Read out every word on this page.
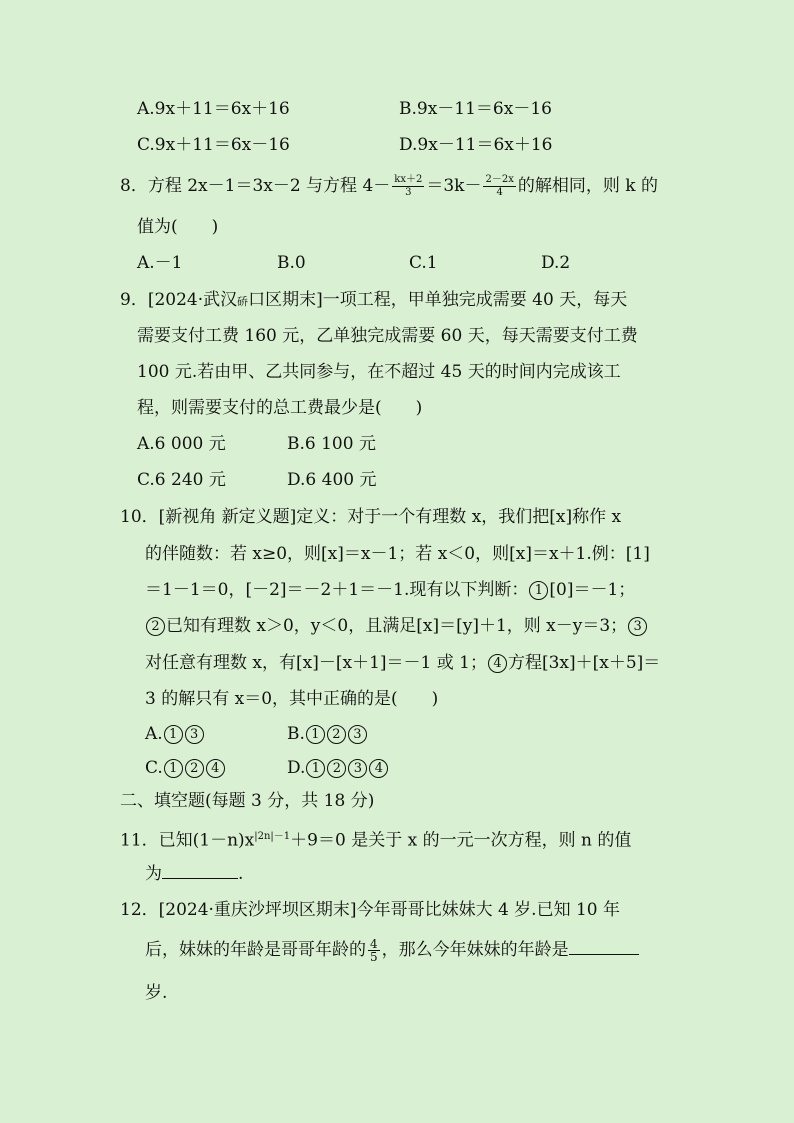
A.9x＋11＝6x＋16	B.9x－11＝6x－16
C.9x＋11＝6x－16	D.9x－11＝6x＋16
8．方程 2x－1＝3x－2 与方程 $4- \frac{kx+2}{3} =3k- \frac{2-2x}{4}$ 的解相同，则 k 的
值为(　　)
A.－1	B.0	C.1	D.2
9．[2024·武汉硚口区期末]一项工程，甲单独完成需要 40 天，每天
需要支付工费 160 元，乙单独完成需要 60 天，每天需要支付工费
100 元.若由甲、乙共同参与，在不超过 45 天的时间内完成该工
程，则需要支付的总工费最少是(　　)
A.6 000 元	B.6 100 元
C.6 240 元	D.6 400 元
10．[新视角 新定义题]定义：对于一个有理数 x，我们把[x]称作 x
的伴随数：若 x≥0，则[x]＝x－1；若 x＜0，则[x]＝x＋1.例：[1]
＝1－1＝0，[－2]＝－2＋1＝－1.现有以下判断： 1 [0]＝－1；
2 已知有理数 x＞0，y＜0，且满足[x]＝[y]＋1，则 x－y＝3； 3
对任意有理数 x，有[x]－[x＋1]＝－1 或 1； 4 方程[3x]＋[x＋5]＝
3 的解只有 x＝0，其中正确的是(　　)
A. 1 3	B. 1 2 3
C. 1 2 4	D. 1 2 3 4
二、填空题(每题 3 分，共 18 分)
11．已知$(1-n)x^{|2n|-1}+9=0$ 是关于 x 的一元一次方程，则 n 的值
为	.
12．[2024·重庆沙坪坝区期末]今年哥哥比妹妹大 4 岁.已知 10 年
后，妹妹的年龄是哥哥年龄的 $\frac{4}{5}$ ，那么今年妹妹的年龄是
岁.
